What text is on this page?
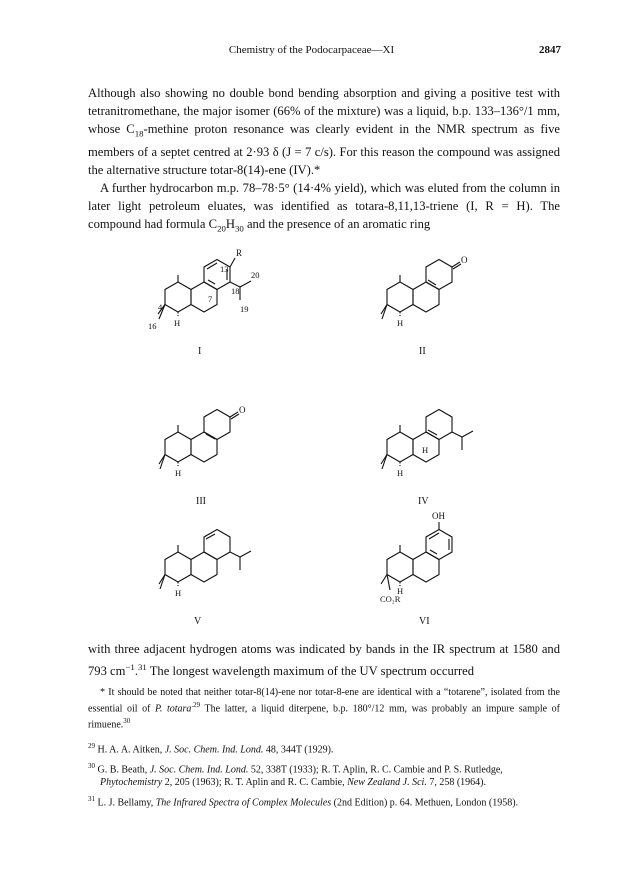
Chemistry of the Podocarpaceae—XI	2847

Although also showing no double bond bending absorption and giving a positive test with tetranitromethane, the major isomer (66% of the mixture) was a liquid, b.p. 133–136°/1 mm, whose $C_{18}$-methine proton resonance was clearly evident in the NMR spectrum as five members of a septet centred at 2·93 δ (J = 7 c/s). For this reason the compound was assigned the alternative structure totar-8(14)-ene (IV).*

A further hydrocarbon m.p. 78–78·5° (14·4% yield), which was eluted from the column in later light petroleum eluates, was identified as totara-8,11,13-triene (I, R = H). The compound had formula $C_{20}H_{30}$ and the presence of an aromatic ring

R
13
18
20
19
7
4
16 H
I
O
H
II
O
H
III
H
H
IV
H
V
OH
H
CO₂R
VI

with three adjacent hydrogen atoms was indicated by bands in the IR spectrum at 1580 and 793 $cm^{-1}.^{31}$ The longest wavelength maximum of the UV spectrum occurred

* It should be noted that neither totar-8(14)-ene nor totar-8-ene are identical with a “totarene”, isolated from the essential oil of P. totara$^{.29}$ The latter, a liquid diterpene, b.p. 180°/12 mm, was probably an impure sample of rimuene.$^{30}$
$^{29}$ H. A. A. Aitken, J. Soc. Chem. Ind. Lond. 48, 344T (1929).
$^{30}$ G. B. Beath, J. Soc. Chem. Ind. Lond. 52, 338T (1933); R. T. Aplin, R. C. Cambie and P. S. Rutledge, Phytochemistry 2, 205 (1963); R. T. Aplin and R. C. Cambie, New Zealand J. Sci. 7, 258 (1964).
$^{31}$ L. J. Bellamy, The Infrared Spectra of Complex Molecules (2nd Edition) p. 64. Methuen, London (1958).
